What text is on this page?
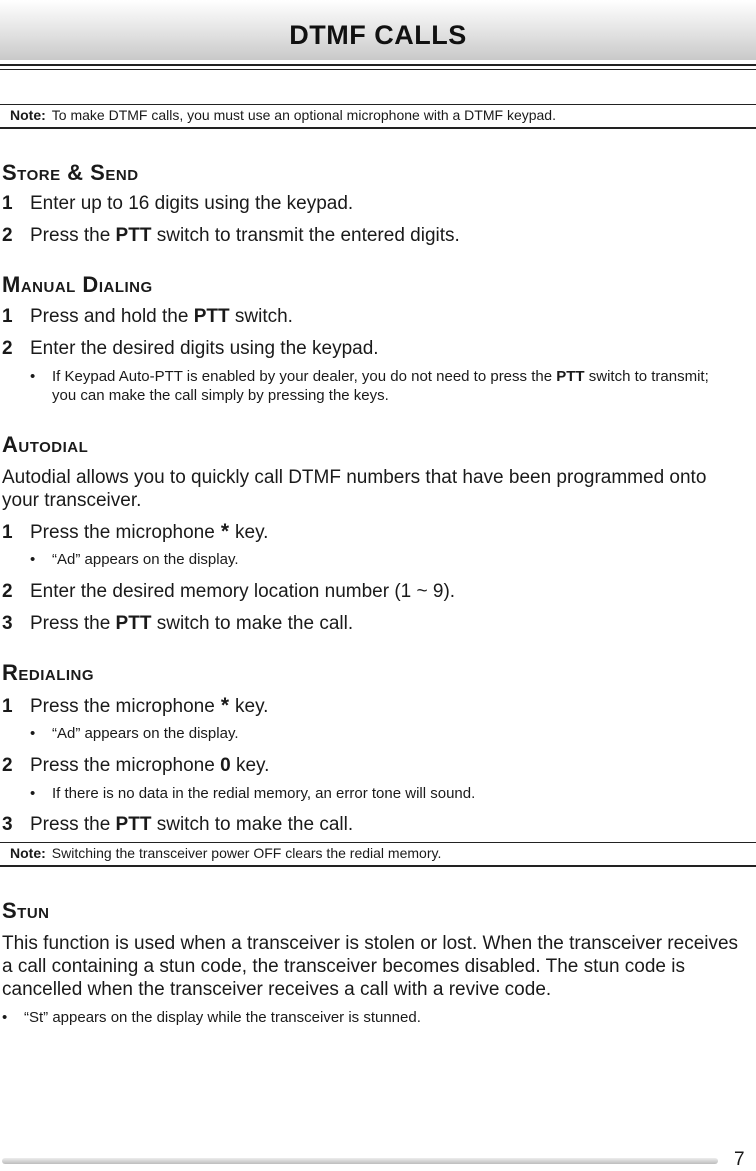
DTMF CALLS
Note: To make DTMF calls, you must use an optional microphone with a DTMF keypad.
Store & Send
1 Enter up to 16 digits using the keypad.
2 Press the PTT switch to transmit the entered digits.
Manual Dialing
1 Press and hold the PTT switch.
2 Enter the desired digits using the keypad.
•	If Keypad Auto-PTT is enabled by your dealer, you do not need to press the PTT switch to transmit; you can make the call simply by pressing the keys.
Autodial
Autodial allows you to quickly call DTMF numbers that have been programmed onto your transceiver.
1 Press the microphone * key.
•	“Ad” appears on the display.
2 Enter the desired memory location number (1 ~ 9).
3 Press the PTT switch to make the call.
Redialing
1 Press the microphone * key.
•	“Ad” appears on the display.
2 Press the microphone 0 key.
•	If there is no data in the redial memory, an error tone will sound.
3 Press the PTT switch to make the call.
Note: Switching the transceiver power OFF clears the redial memory.
Stun
This function is used when a transceiver is stolen or lost. When the transceiver receives a call containing a stun code, the transceiver becomes disabled. The stun code is cancelled when the transceiver receives a call with a revive code.
•	“St” appears on the display while the transceiver is stunned.
7
